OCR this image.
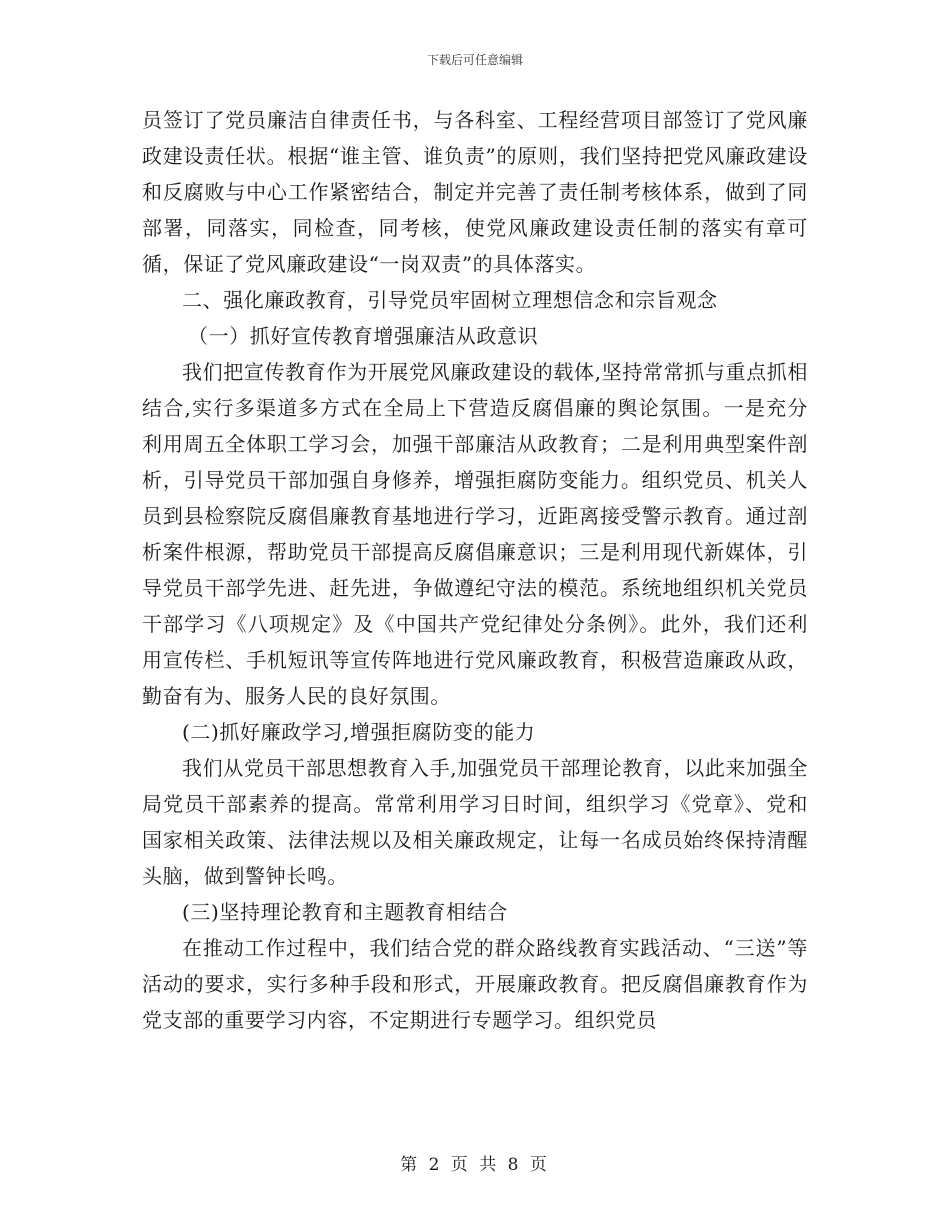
下载后可任意编辑

员签订了党员廉洁自律责任书，与各科室、工程经营项目部签订了党风廉政建设责任状。根据“谁主管、谁负责”的原则，我们坚持把党风廉政建设和反腐败与中心工作紧密结合，制定并完善了责任制考核体系，做到了同部署，同落实，同检查，同考核，使党风廉政建设责任制的落实有章可循，保证了党风廉政建设“一岗双责”的具体落实。

二、强化廉政教育，引导党员牢固树立理想信念和宗旨观念

（一）抓好宣传教育增强廉洁从政意识

我们把宣传教育作为开展党风廉政建设的载体,坚持常常抓与重点抓相结合,实行多渠道多方式在全局上下营造反腐倡廉的舆论氛围。一是充分利用周五全体职工学习会，加强干部廉洁从政教育；二是利用典型案件剖析，引导党员干部加强自身修养，增强拒腐防变能力。组织党员、机关人员到县检察院反腐倡廉教育基地进行学习，近距离接受警示教育。通过剖析案件根源，帮助党员干部提高反腐倡廉意识；三是利用现代新媒体，引导党员干部学先进、赶先进，争做遵纪守法的模范。系统地组织机关党员干部学习《八项规定》及《中国共产党纪律处分条例》。此外，我们还利用宣传栏、手机短讯等宣传阵地进行党风廉政教育，积极营造廉政从政，勤奋有为、服务人民的良好氛围。

(二)抓好廉政学习,增强拒腐防变的能力

我们从党员干部思想教育入手,加强党员干部理论教育，以此来加强全局党员干部素养的提高。常常利用学习日时间，组织学习《党章》、党和国家相关政策、法律法规以及相关廉政规定，让每一名成员始终保持清醒头脑，做到警钟长鸣。

(三)坚持理论教育和主题教育相结合

在推动工作过程中，我们结合党的群众路线教育实践活动、“三送”等活动的要求，实行多种手段和形式，开展廉政教育。把反腐倡廉教育作为党支部的重要学习内容，不定期进行专题学习。组织党员

第 2 页 共 8 页
